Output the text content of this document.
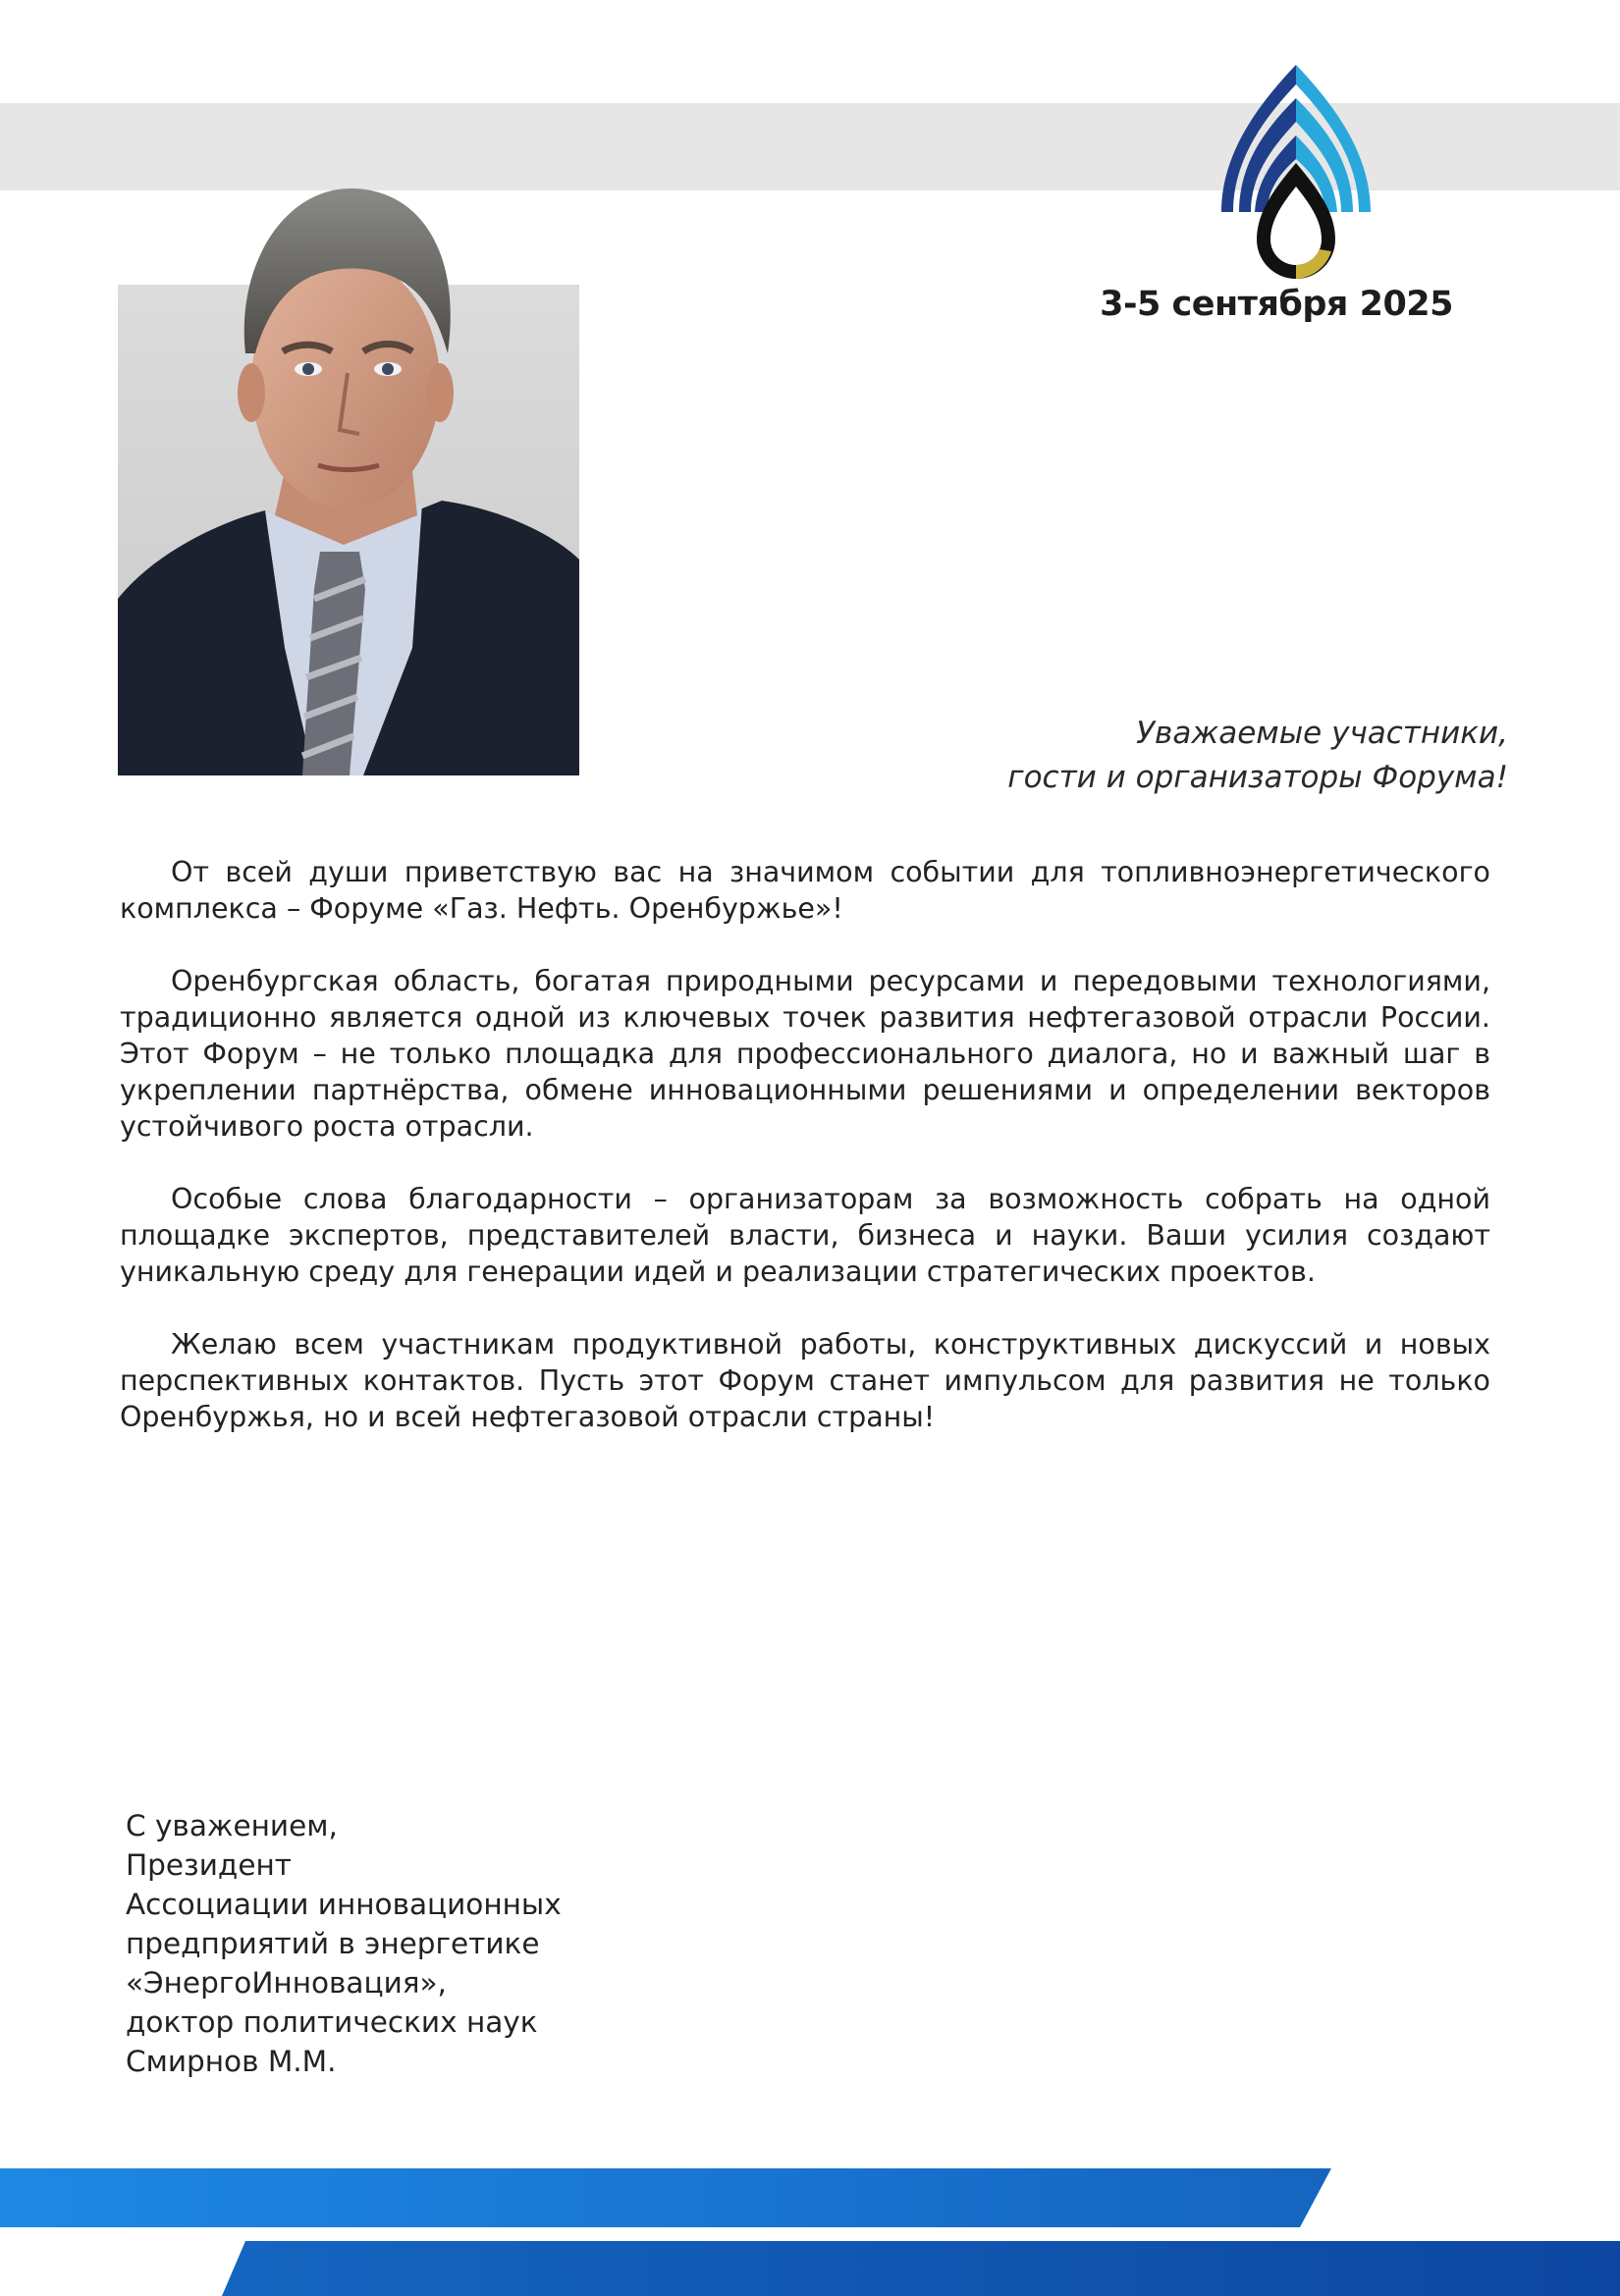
3-5 сентября 2025
Уважаемые участники,
гости и организаторы Форума!

От всей души приветствую вас на значимом событии для топливноэнергетического комплекса – Форуме «Газ. Нефть. Оренбуржье»!

Оренбургская область, богатая природными ресурсами и передовыми технологиями, традиционно является одной из ключевых точек развития нефтегазовой отрасли России. Этот Форум – не только площадка для профессионального диалога, но и важный шаг в укреплении партнёрства, обмене инновационными решениями и определении векторов устойчивого роста отрасли.

Особые слова благодарности – организаторам за возможность собрать на одной площадке экспертов, представителей власти, бизнеса и науки. Ваши усилия создают уникальную среду для генерации идей и реализации стратегических проектов.

Желаю всем участникам продуктивной работы, конструктивных дискуссий и новых перспективных контактов. Пусть этот Форум станет импульсом для развития не только Оренбуржья, но и всей нефтегазовой отрасли страны!

С уважением,
Президент
Ассоциации инновационных
предприятий в энергетике
«ЭнергоИнновация»,
доктор политических наук
Смирнов М.М.
